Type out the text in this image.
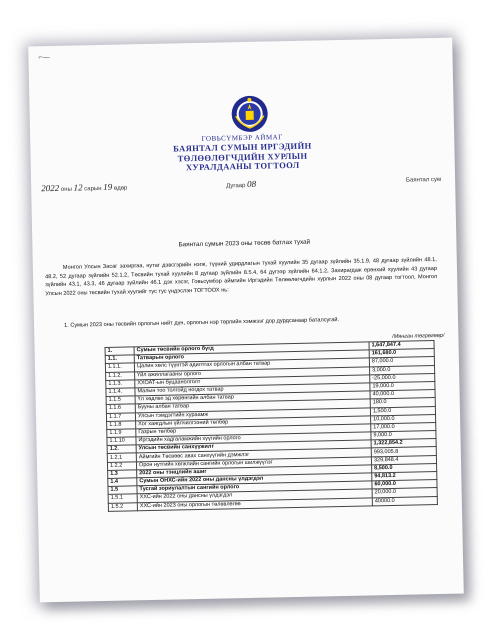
⌐—
ГОВЬСҮМБЭР АЙМАГ
БАЯНТАЛ СУМЫН ИРГЭДИЙН
ТӨЛӨӨЛӨГЧДИЙН ХУРЛЫН
ХУРАЛДААНЫ ТОГТООЛ
2022 оны 12 сарын 19 өдөр	Дугаар 08	Баянтал сум
Баянтал сумын 2023 оны төсөв батлах тухай

Монгол Улсын Засаг захиргаа, нутаг дэвсгэрийн нэгж, түүний удирдлагын тухай хуулийн 35 дугаар зүйлийн 35.1.9, 48 дугаар зүйлийн 48.1, 48.2, 52 дугаар зүйлийн 52.1.2, Төсвийн тухай хуулийн 8 дугаар зүйлийн 8.5.4, 64 дүгээр зүйлийн 64.1.2, Захирагдаж ерөнхий хуулийн 43 дугаар зүйлийн 43.1, 43.3, 46 дугаар зүйлийн 46.1 дэх хэсэг, Говьсүмбэр аймгийн Иргэдийн Төлөөлөгчдийн хурлын 2022 оны 08 дугаар тогтоол, Монгол Улсын 2022 оны төсвийн тухай хуулийг тус тус үндэслэн ТОГТООХ нь:

1. Сумын 2023 оны төсвийн орлогын нийт дүн, орлогын нэр төрлийн хэмжээг дор дурдсанаар баталсугай.

/Мянган төгрөгөөр/
1.	Сумын төсвийн орлого бүгд	1,647,847.4
1.1.	Татварын орлого	161,680.0
1.1.1.	Цалин хөлс түүнтэй адилтгах орлогын албан татвар	87,000.0
1.1.2.	Үйл ажиллагааны орлого	3,000.0
1.1.3.	ХХОАТ-ын буцаанолголт	-25,000.0
1.1.4.	Малын тоо толгойд ногдох татвар	19,000.0
1.1.5	Үл хөдлөх эд хөрөнгийн албан татвар	40,000.0
1.1.6	Бууны албан татвар	180.0
1.1.7	Улсын тэмдэгтийн хураамж	1,500.0
1.1.8	Хог хаягдлын үйлчилгээний төлбөр	10,000.0
1.1.9	Газрын төлбөр	17,000.0
1.1.10	Иргэдийн хадгаламжийн хүүгийн орлого	9,000.0
1.2.	Улсын төсвийн санхүүжилт	1,322,854.2
1.2.1	Аймгийн Төсвөөс авах санхүүгийн дэмжлэг	993,005.8
1.2.2	Орон нутгийн хөгжлийн сангийн орлогын шилжүүлэг	329,848.4
1.3	2022 оны тэнцлийн ашиг	8,500.0
1.4	Сумын ОНХС-ийн 2022 оны дансны үлдэгдэл	94,813.2
1.5	Тусгай зориулалтын сангийн орлого	60,000.0
1.5.1	ХХС-ийн 2022 оны дансны үлдэгдэл	20,000.0
1.5.2	ХХС-ийн 2023 оны орлогын төлөвлөгөө	40000.0
